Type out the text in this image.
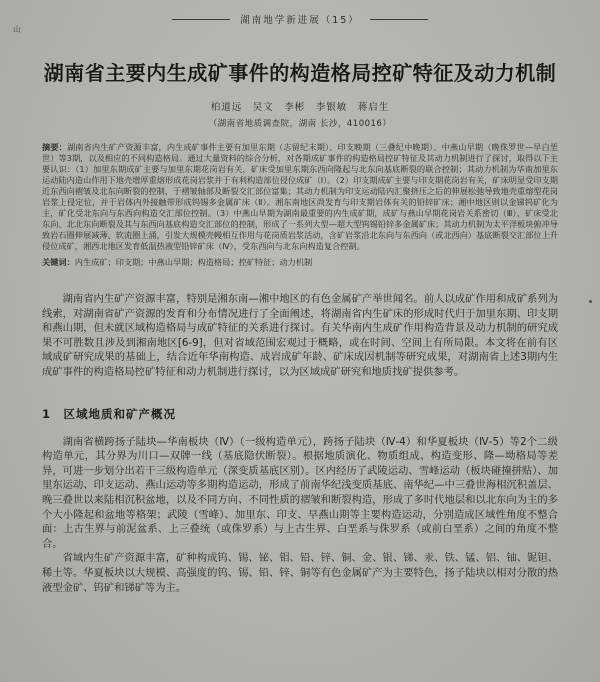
山
湖南地学新进展（15）
湖南省主要内生成矿事件的构造格局控矿特征及动力机制
柏道远　吴文　李彬　李银敏　蒋启生
（湖南省地质调查院，湖南 长沙，410016）

摘要：湖南省内生矿产资源丰富，内生成矿事件主要有加里东期（志留纪末期）、印支晚期（三叠纪中晚期）、中燕山早期（晚侏罗世—早白垩世）等3期，以及相应的不同构造格局。通过大量资料的综合分析，对各期成矿事件的构造格局控矿特征及其动力机制进行了探讨，取得以下主要认识：（1）加里东期成矿主要与加里东期花岗岩有关，矿床受加里东期东西向隆起与北东向基底断裂的联合控制；其动力机制为华南加里东运动陆内造山作用下地壳增厚重熔形成花岗岩浆并于有利构造部位侵位成矿（Ⅰ）。（2）印支期成矿主要与印支期花岗岩有关，矿床明显受印支期近东西向褶皱及北东向断裂的控制，于褶皱轴部及断裂交汇部位富集；其动力机制为印支运动陆内汇聚挤压之后的伸展松弛导致地壳重熔型花岗岩浆上侵定位，并于岩体内外接触带形成钨锡多金属矿床（Ⅱ）。湘东南地区尚发育与印支期岩体有关的铅锌矿床；湘中地区则以金锑钨矿化为主，矿化受北东向与东西向构造交汇部位控制。（3）中燕山早期为湖南最重要的内生成矿期，成矿与燕山早期花岗岩关系密切（Ⅲ），矿床受北东向、北北东向断裂及其与东西向基底构造交汇部位的控制，形成了一系列大型—超大型钨锡铅锌多金属矿床；其动力机制为太平洋板块俯冲导致岩石圈伸展减薄、软流圈上涌，引发大规模壳幔相互作用与花岗质岩浆活动，含矿岩浆沿北东向与东西向（或北西向）基底断裂交汇部位上升侵位成矿，湘西北地区发育低温热液型铅锌矿床（Ⅳ），受东西向与北东向构造复合控制。

关键词：内生成矿；印支期；中燕山早期；构造格局；控矿特征；动力机制

湖南省内生矿产资源丰富，特别是湘东南—湘中地区的有色金属矿产举世闻名。前人以成矿作用和成矿系列为线索，对湖南省矿产资源的发育和分布情况进行了全面阐述，将湖南省内生矿床的形成时代归于加里东期、印支期和燕山期，但未就区域构造格局与成矿特征的关系进行探讨。有关华南内生成矿作用构造背景及动力机制的研究成果不可胜数且涉及到湘南地区[6-9]，但对省域范围宏观过于概略，或在时间、空间上有所局限。本文将在前有区域成矿研究成果的基础上，结合近年华南构造、成岩成矿年龄、矿床成因机制等研究成果，对湖南省上述3期内生成矿事件的构造格局控矿特征和动力机制进行探讨，以为区域成矿研究和地质找矿提供参考。

1　 区域地质和矿产概况

湖南省横跨扬子陆块—华南板块（Ⅳ）（一级构造单元），跨扬子陆块（Ⅳ-4）和华夏板块（Ⅳ-5）等2个二级构造单元，其分界为川口—双牌一线（基底隐伏断裂）。根据地质演化、物质组成、构造变形、隆—坳格局等差异，可进一步划分出若干三级构造单元（深变质基底区别）。区内经历了武陵运动、雪峰运动（板块碰撞拼贴）、加里东运动、印支运动、燕山运动等多期构造运动，形成了前南华纪浅变质基底、南华纪—中三叠世海相沉积盖层、晚三叠世以来陆相沉积盆地，以及不同方向、不同性质的褶皱和断裂构造，形成了多时代地层和以北东向为主的多个大小隆起和盆地等格架；武陵（雪峰）、加里东、印支、早燕山期等主要构造运动，分别造成区域性角度不整合面：上古生界与前泥盆系、上三叠统（或侏罗系）与上古生界、白垩系与侏罗系（或前白垩系）之间的角度不整合。

省域内生矿产资源丰富，矿种构成钨、锡、铋、钼、铅、锌、铜、金、银、锑、汞、铁、锰、铝、铀、铌钽、稀土等。华夏板块以大规模、高强度的钨、锡、铅、锌、铜等有色金属矿产为主要特色，扬子陆块以相对分散的热液型金矿、钨矿和锑矿等为主。
